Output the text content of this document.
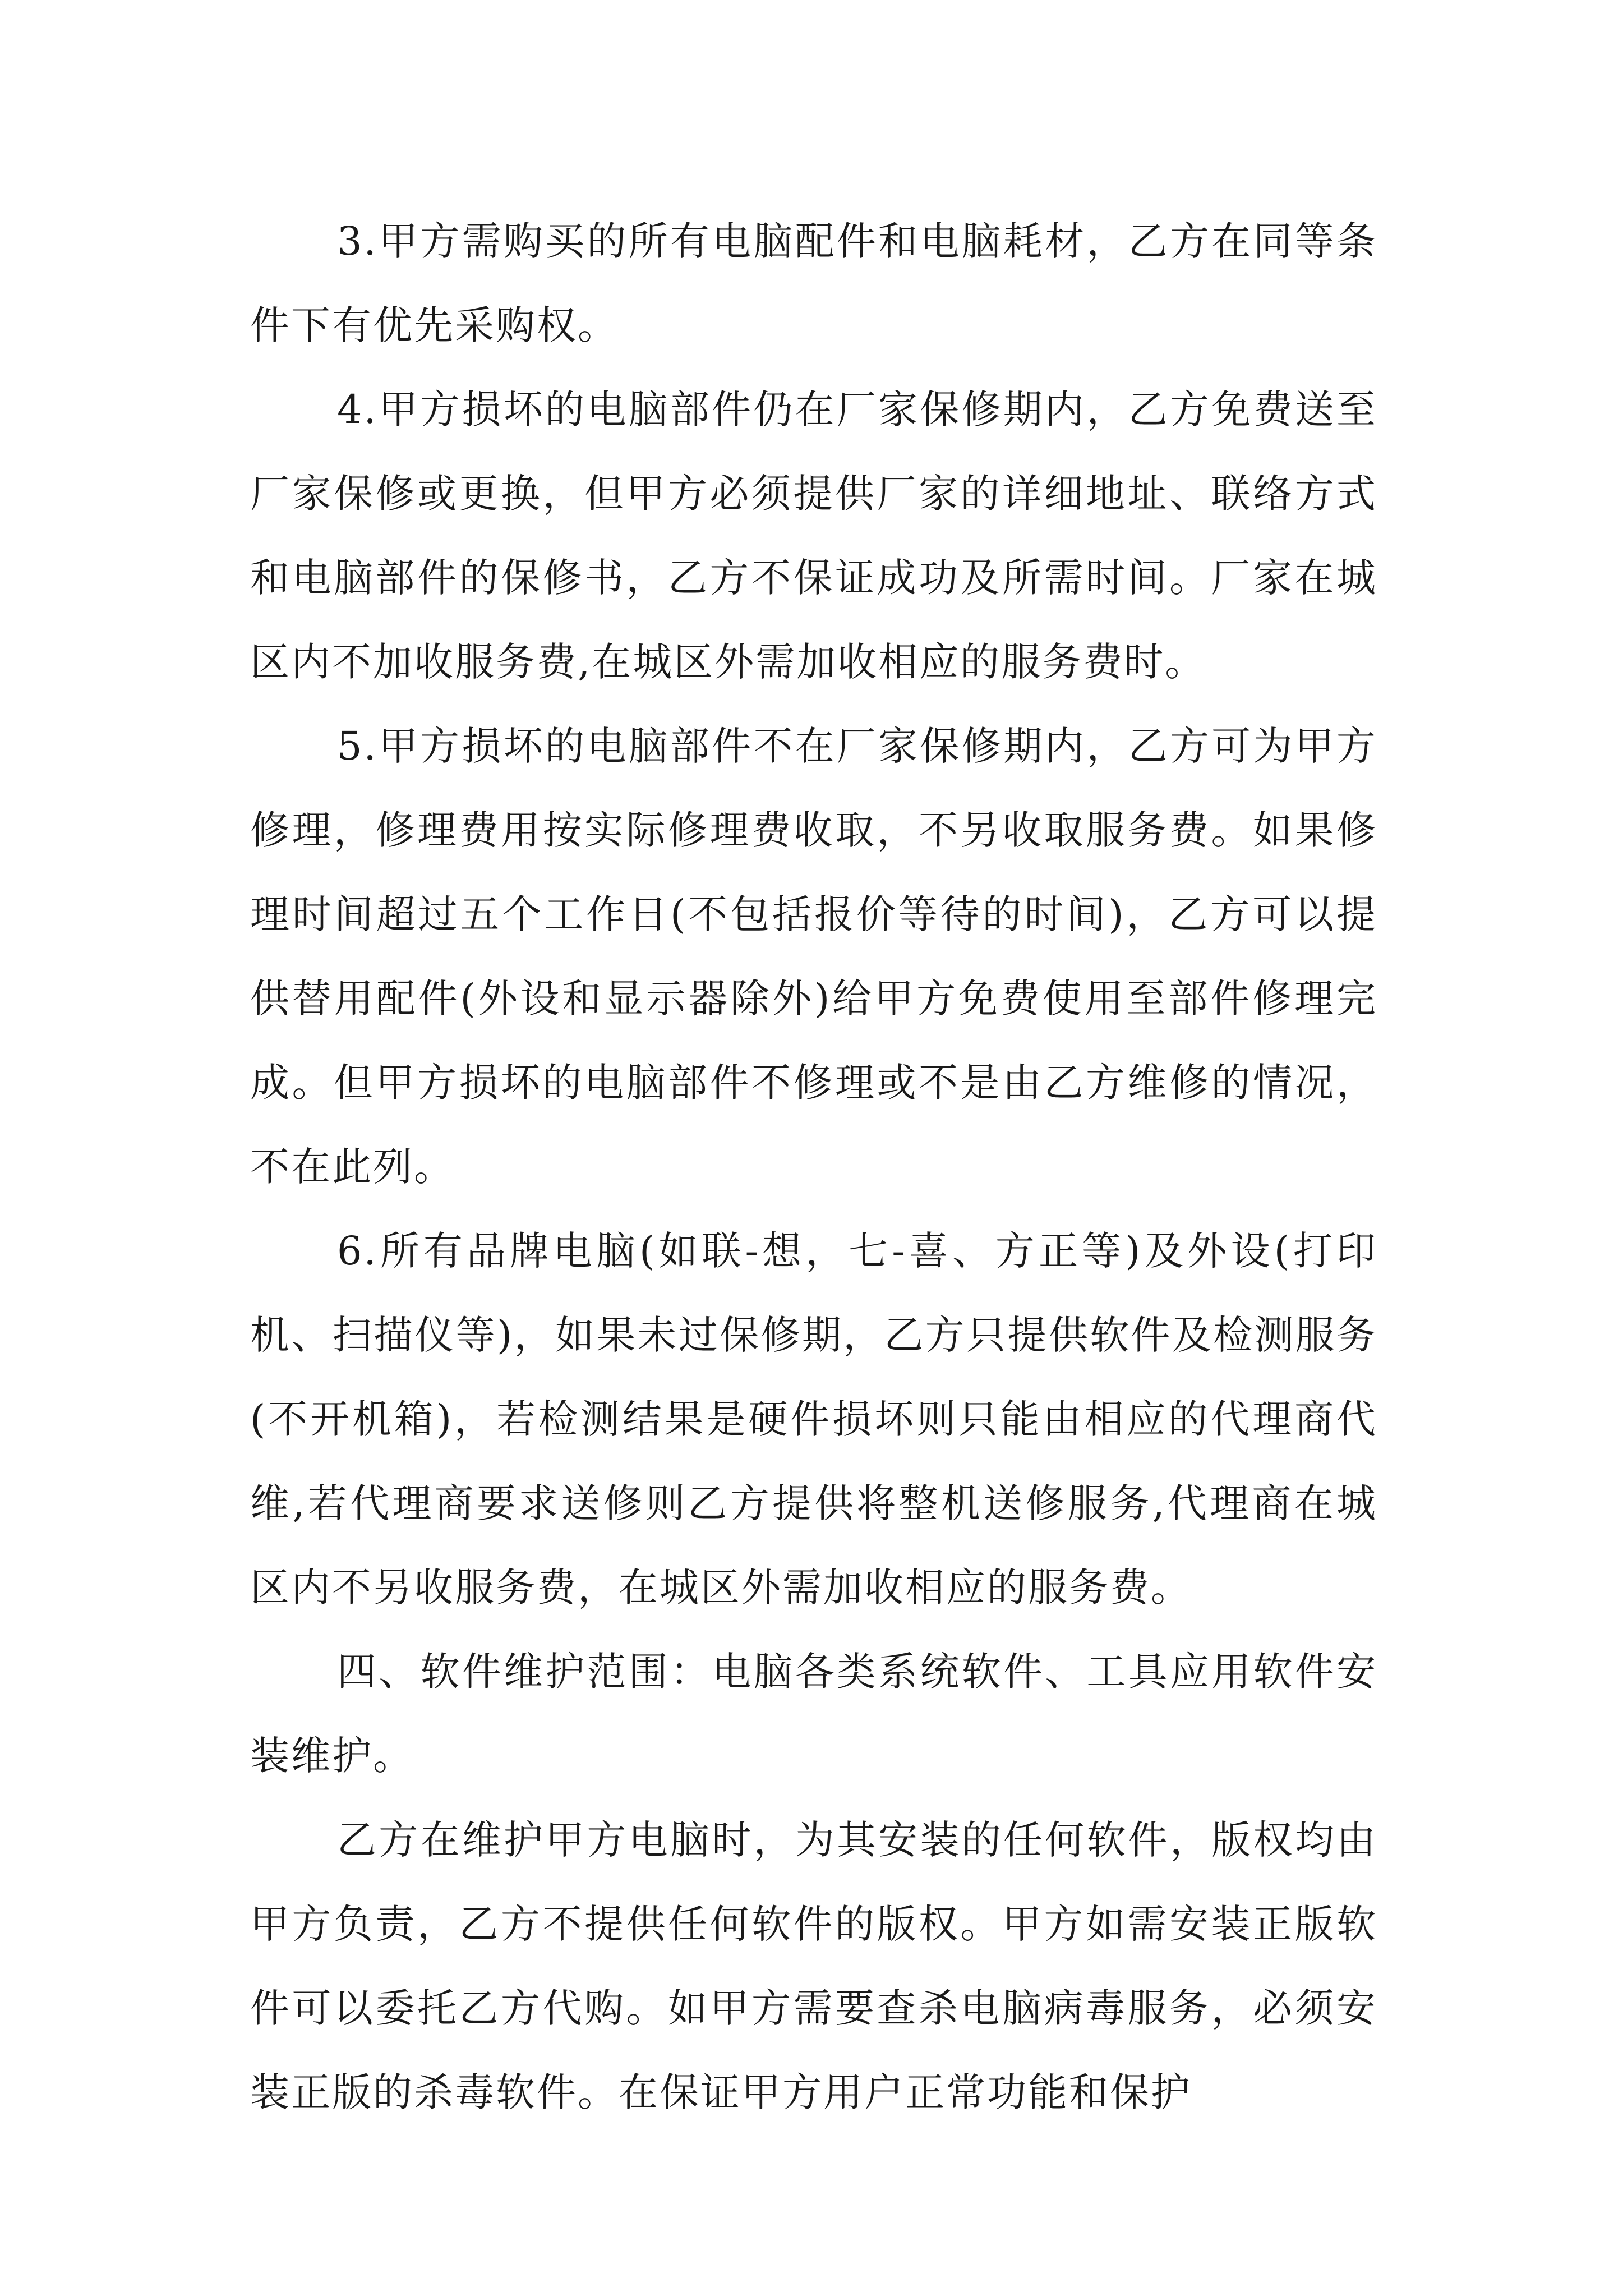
3.甲方需购买的所有电脑配件和电脑耗材，乙方在同等条件下有优先采购权。

4.甲方损坏的电脑部件仍在厂家保修期内，乙方免费送至厂家保修或更换，但甲方必须提供厂家的详细地址、联络方式和电脑部件的保修书，乙方不保证成功及所需时间。厂家在城区内不加收服务费,在城区外需加收相应的服务费时。

5.甲方损坏的电脑部件不在厂家保修期内，乙方可为甲方修理，修理费用按实际修理费收取，不另收取服务费。如果修理时间超过五个工作日(不包括报价等待的时间)，乙方可以提供替用配件(外设和显示器除外)给甲方免费使用至部件修理完成。但甲方损坏的电脑部件不修理或不是由乙方维修的情况，不在此列。

6.所有品牌电脑(如联-想，七-喜、方正等)及外设(打印机、扫描仪等)，如果未过保修期，乙方只提供软件及检测服务(不开机箱)，若检测结果是硬件损坏则只能由相应的代理商代维,若代理商要求送修则乙方提供将整机送修服务,代理商在城区内不另收服务费，在城区外需加收相应的服务费。

四、软件维护范围：电脑各类系统软件、工具应用软件安装维护。

乙方在维护甲方电脑时，为其安装的任何软件，版权均由甲方负责，乙方不提供任何软件的版权。甲方如需安装正版软件可以委托乙方代购。如甲方需要查杀电脑病毒服务，必须安装正版的杀毒软件。在保证甲方用户正常功能和保护
